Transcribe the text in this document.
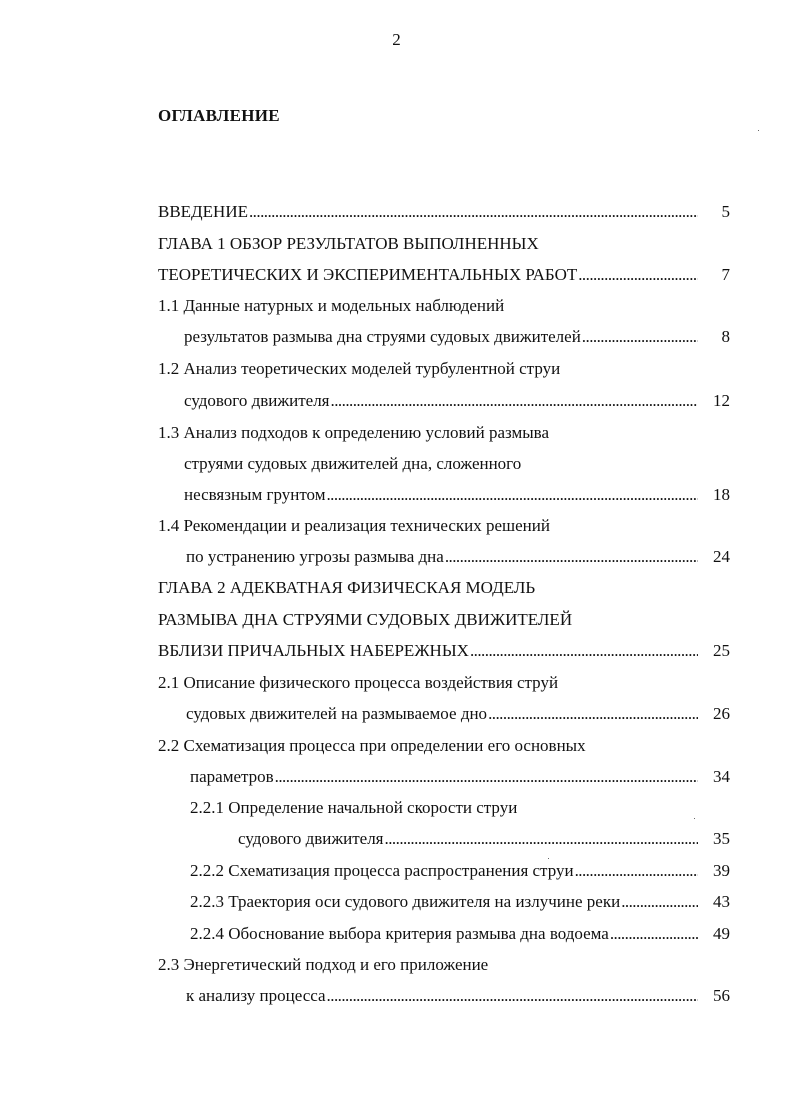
2
ОГЛАВЛЕНИЕ
ВВЕДЕНИЕ . . .	5
ГЛАВА 1 ОБЗОР РЕЗУЛЬТАТОВ ВЫПОЛНЕННЫХ
ТЕОРЕТИЧЕСКИХ И ЭКСПЕРИМЕНТАЛЬНЫХ РАБОТ . . .	7
1.1 Данные натурных и модельных наблюдений
результатов размыва дна струями судовых движителей . . .	8
1.2 Анализ теоретических моделей турбулентной струи
судового движителя . . .	12
1.3 Анализ подходов к определению условий размыва
струями судовых движителей дна, сложенного
несвязным грунтом . . .	18
1.4 Рекомендации и реализация технических решений
по устранению угрозы размыва дна . . .	24
ГЛАВА 2 АДЕКВАТНАЯ ФИЗИЧЕСКАЯ МОДЕЛЬ
РАЗМЫВА ДНА СТРУЯМИ СУДОВЫХ ДВИЖИТЕЛЕЙ
ВБЛИЗИ ПРИЧАЛЬНЫХ НАБЕРЕЖНЫХ . . .	25
2.1 Описание физического процесса воздействия струй
судовых движителей на размываемое дно . . .	26
2.2 Схематизация процесса при определении его основных
параметров . . .	34
2.2.1 Определение начальной скорости струи
судового движителя . . .	35
2.2.2 Схематизация процесса распространения струи . . .	39
2.2.3 Траектория оси судового движителя на излучине реки . . .	43
2.2.4 Обоснование выбора критерия размыва дна водоема . . .	49
2.3 Энергетический подход и его приложение
к анализу процесса . . .	56
